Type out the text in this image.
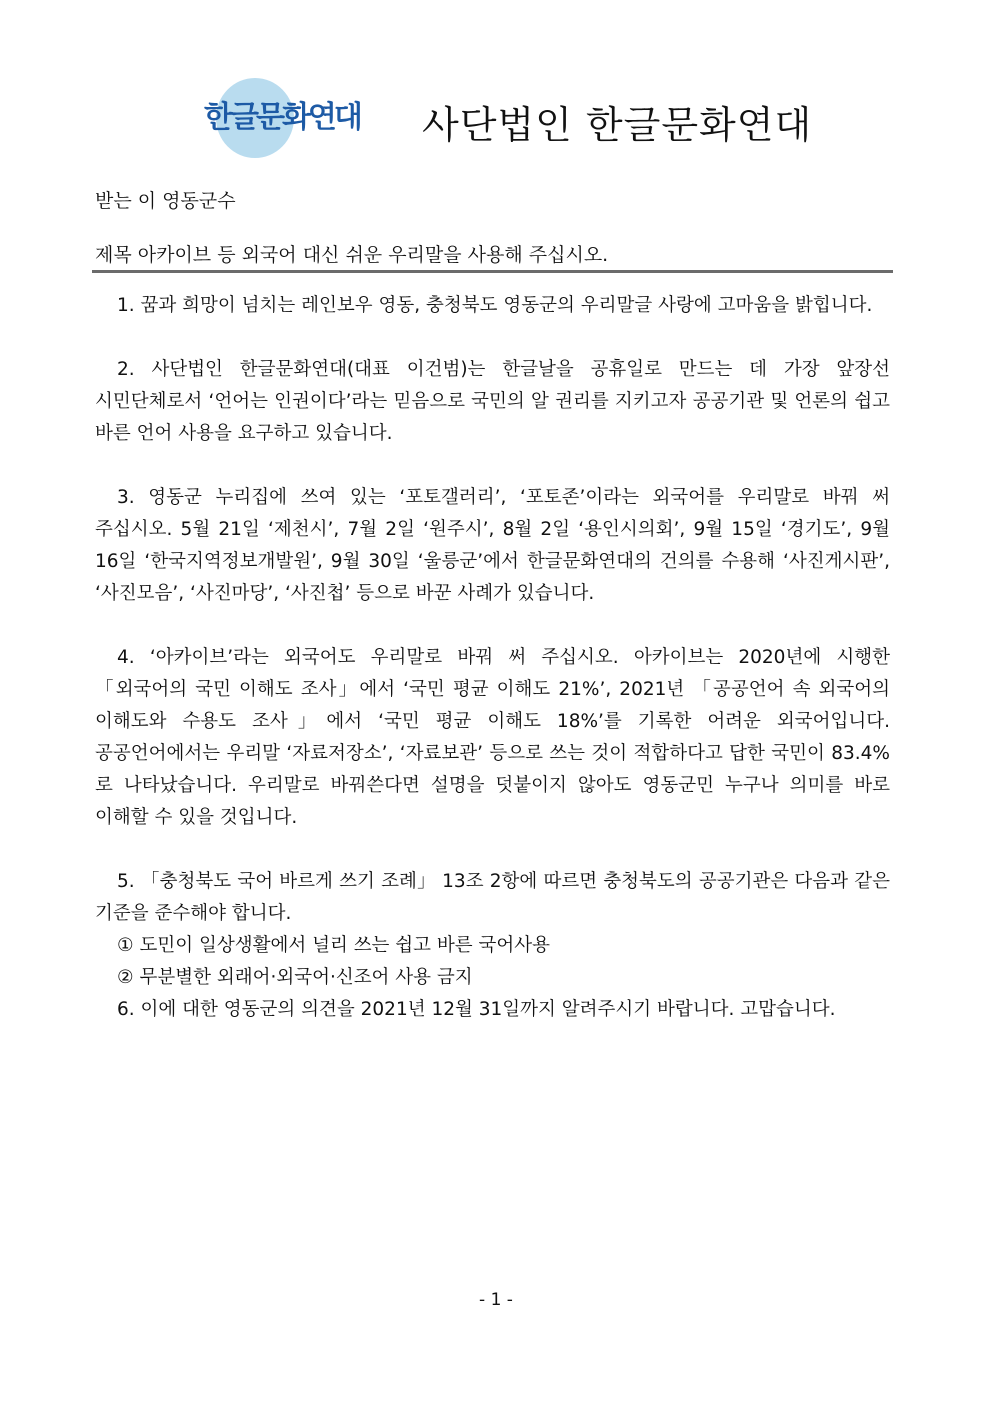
한글문화연대	사단법인 한글문화연대
받는 이 영동군수
제목 아카이브 등 외국어 대신 쉬운 우리말을 사용해 주십시오.

1. 꿈과 희망이 넘치는 레인보우 영동, 충청북도 영동군의 우리말글 사랑에 고마움을 밝힙니다.

2. 사단법인 한글문화연대(대표 이건범)는 한글날을 공휴일로 만드는 데 가장 앞장선 시민단체로서 ‘언어는 인권이다’라는 믿음으로 국민의 알 권리를 지키고자 공공기관 및 언론의 쉽고 바른 언어 사용을 요구하고 있습니다.

3. 영동군 누리집에 쓰여 있는 ‘포토갤러리’, ‘포토존’이라는 외국어를 우리말로 바꿔 써 주십시오. 5월 21일 ‘제천시’, 7월 2일 ‘원주시’, 8월 2일 ‘용인시의회’, 9월 15일 ‘경기도’, 9월 16일 ‘한국지역정보개발원’, 9월 30일 ‘울릉군’에서 한글문화연대의 건의를 수용해 ‘사진게시판’, ‘사진모음’, ‘사진마당’, ‘사진첩’ 등으로 바꾼 사례가 있습니다.

4. ‘아카이브’라는 외국어도 우리말로 바꿔 써 주십시오. 아카이브는 2020년에 시행한 「외국어의 국민 이해도 조사」에서 ‘국민 평균 이해도 21%’, 2021년 「공공언어 속 외국어의 이해도와 수용도 조사」에서 ‘국민 평균 이해도 18%’를 기록한 어려운 외국어입니다. 공공언어에서는 우리말 ‘자료저장소’, ‘자료보관’ 등으로 쓰는 것이 적합하다고 답한 국민이 83.4%로 나타났습니다. 우리말로 바꿔쓴다면 설명을 덧붙이지 않아도 영동군민 누구나 의미를 바로 이해할 수 있을 것입니다.

5. 「충청북도 국어 바르게 쓰기 조례」 13조 2항에 따르면 충청북도의 공공기관은 다음과 같은 기준을 준수해야 합니다.

① 도민이 일상생활에서 널리 쓰는 쉽고 바른 국어사용

② 무분별한 외래어·외국어·신조어 사용 금지

6. 이에 대한 영동군의 의견을 2021년 12월 31일까지 알려주시기 바랍니다. 고맙습니다.

- 1 -
